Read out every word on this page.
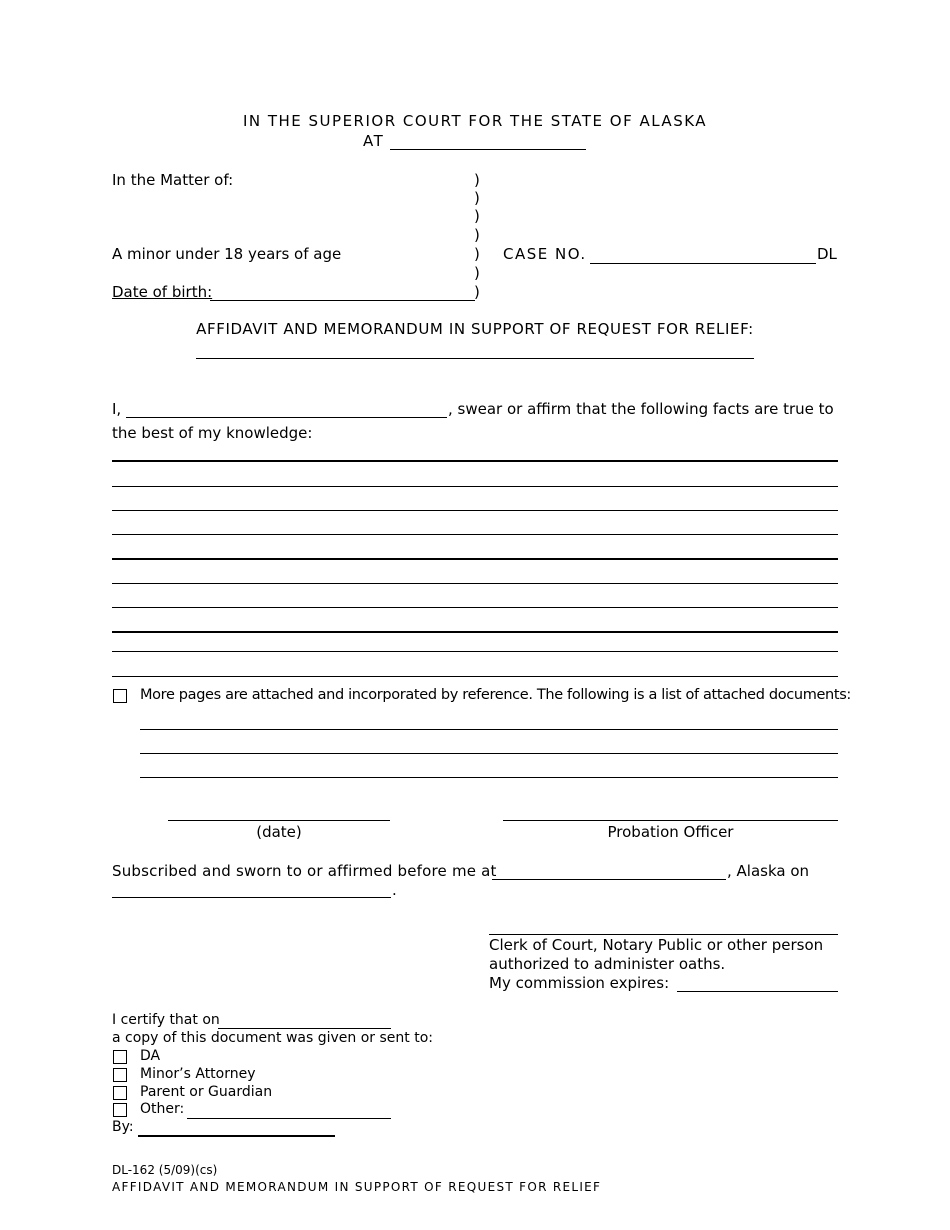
IN THE SUPERIOR COURT FOR THE STATE OF ALASKA
AT
In the Matter of:	)
)
)
)
)
)
)
A minor under 18 years of age	CASE NO.	DL
Date of birth:
AFFIDAVIT AND MEMORANDUM IN SUPPORT OF REQUEST FOR RELIEF:
I,	, swear or affirm that the following facts are true to
the best of my knowledge:
More pages are attached and incorporated by reference. The following is a list of attached documents:
(date)	Probation Officer
Subscribed and sworn to or affirmed before me at	, Alaska on
.
Clerk of Court, Notary Public or other person
authorized to administer oaths.
My commission expires:
I certify that on
a copy of this document was given or sent to:
DA
Minor’s Attorney
Parent or Guardian
Other:
By:
DL-162 (5/09)(cs)
AFFIDAVIT AND MEMORANDUM IN SUPPORT OF REQUEST FOR RELIEF
